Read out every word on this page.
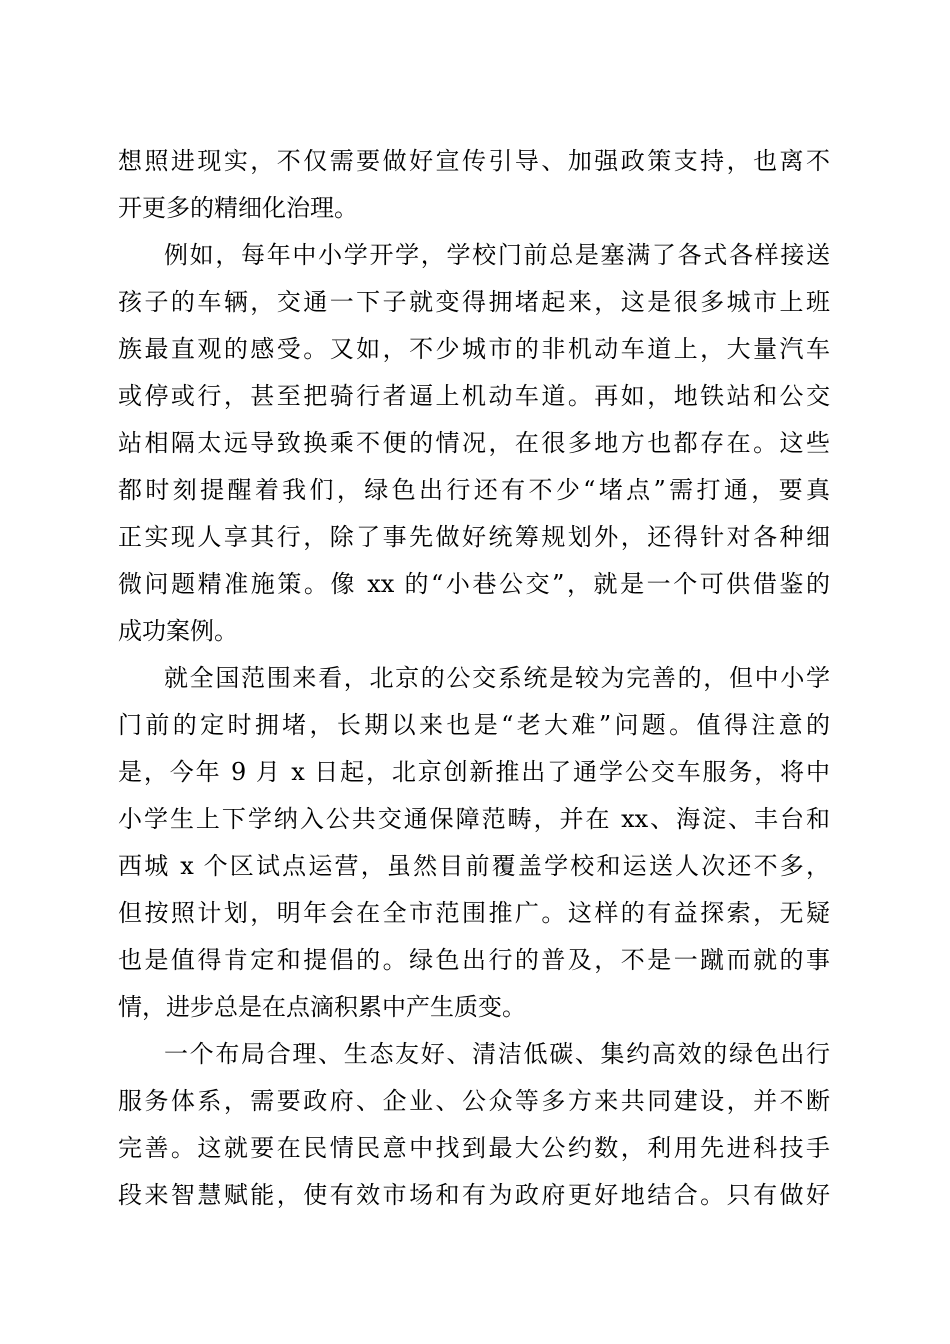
想照进现实，不仅需要做好宣传引导、加强政策支持，也离不

开更多的精细化治理。

例如，每年中小学开学，学校门前总是塞满了各式各样接送

孩子的车辆，交通一下子就变得拥堵起来，这是很多城市上班

族最直观的感受。又如，不少城市的非机动车道上，大量汽车

或停或行，甚至把骑行者逼上机动车道。再如，地铁站和公交

站相隔太远导致换乘不便的情况，在很多地方也都存在。这些

都时刻提醒着我们，绿色出行还有不少“堵点”需打通，要真

正实现人享其行，除了事先做好统筹规划外，还得针对各种细

微问题精准施策。像 xx 的“小巷公交”，就是一个可供借鉴的

成功案例。

就全国范围来看，北京的公交系统是较为完善的，但中小学

门前的定时拥堵，长期以来也是“老大难”问题。值得注意的

是，今年 9 月 x 日起，北京创新推出了通学公交车服务，将中

小学生上下学纳入公共交通保障范畴，并在 xx、海淀、丰台和

西城 x 个区试点运营，虽然目前覆盖学校和运送人次还不多，

但按照计划，明年会在全市范围推广。这样的有益探索，无疑

也是值得肯定和提倡的。绿色出行的普及，不是一蹴而就的事

情，进步总是在点滴积累中产生质变。

一个布局合理、生态友好、清洁低碳、集约高效的绿色出行

服务体系，需要政府、企业、公众等多方来共同建设，并不断

完善。这就要在民情民意中找到最大公约数，利用先进科技手

段来智慧赋能，使有效市场和有为政府更好地结合。只有做好
